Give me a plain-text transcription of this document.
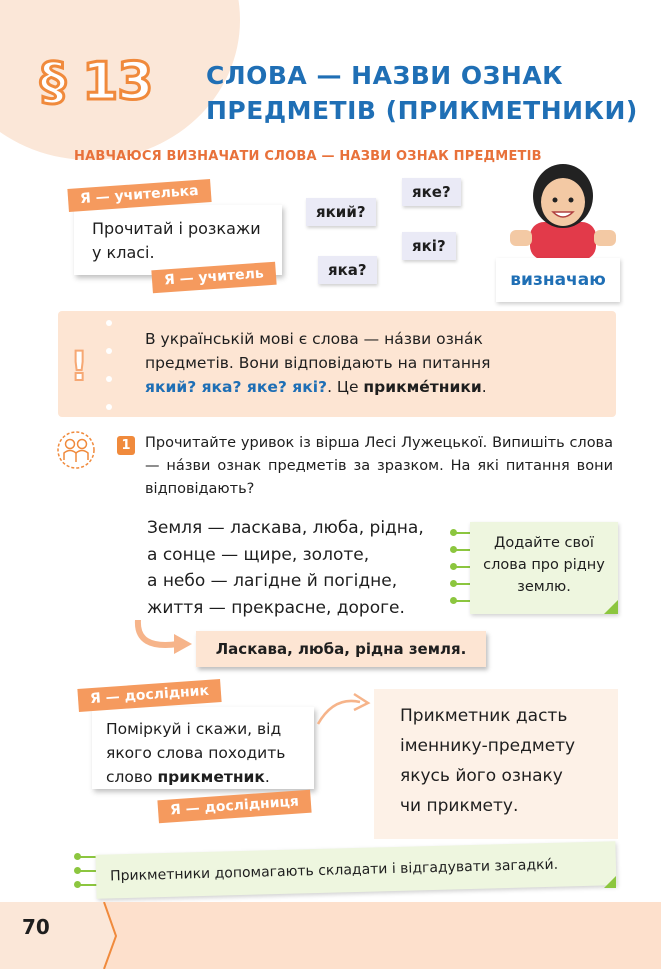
§ 13 СЛОВА — НАЗВИ ОЗНАК
ПРЕДМЕТІВ (ПРИКМЕТНИКИ)
НАВЧАЮСЯ ВИЗНАЧАТИ СЛОВА — НАЗВИ ОЗНАК ПРЕДМЕТІВ
Прочитай і розкажи
у класі.
Я — учителька
Я — учитель
який?
яке?
які?
яка?	визначаю
!
В українській мові є слова — на́зви озна́к
предметів. Вони відповідають на питання
який? яка? яке? які?. Це прикме́тники.
1 Прочитайте уривок із вірша Лесі Лужецької. Випишіть слова — на́зви ознак предметів за зразком. На які питання вони відповідають?
Земля — ласкава, люба, рідна,
а сонце — щире, золоте,
а небо — лагідне й погідне,
життя — прекрасне, дороге.
Додайте свої
слова про рідну
землю.
Ласкава, люба, рідна земля.
Поміркуй і скажи, від
якого слова походить
слово прикметник.
Я — дослідник
Я — дослідниця
Прикметник дасть
іменнику-предмету
якусь його ознаку
чи прикмету.
Прикметники допомагають складати і відгадувати загадки́.
70
